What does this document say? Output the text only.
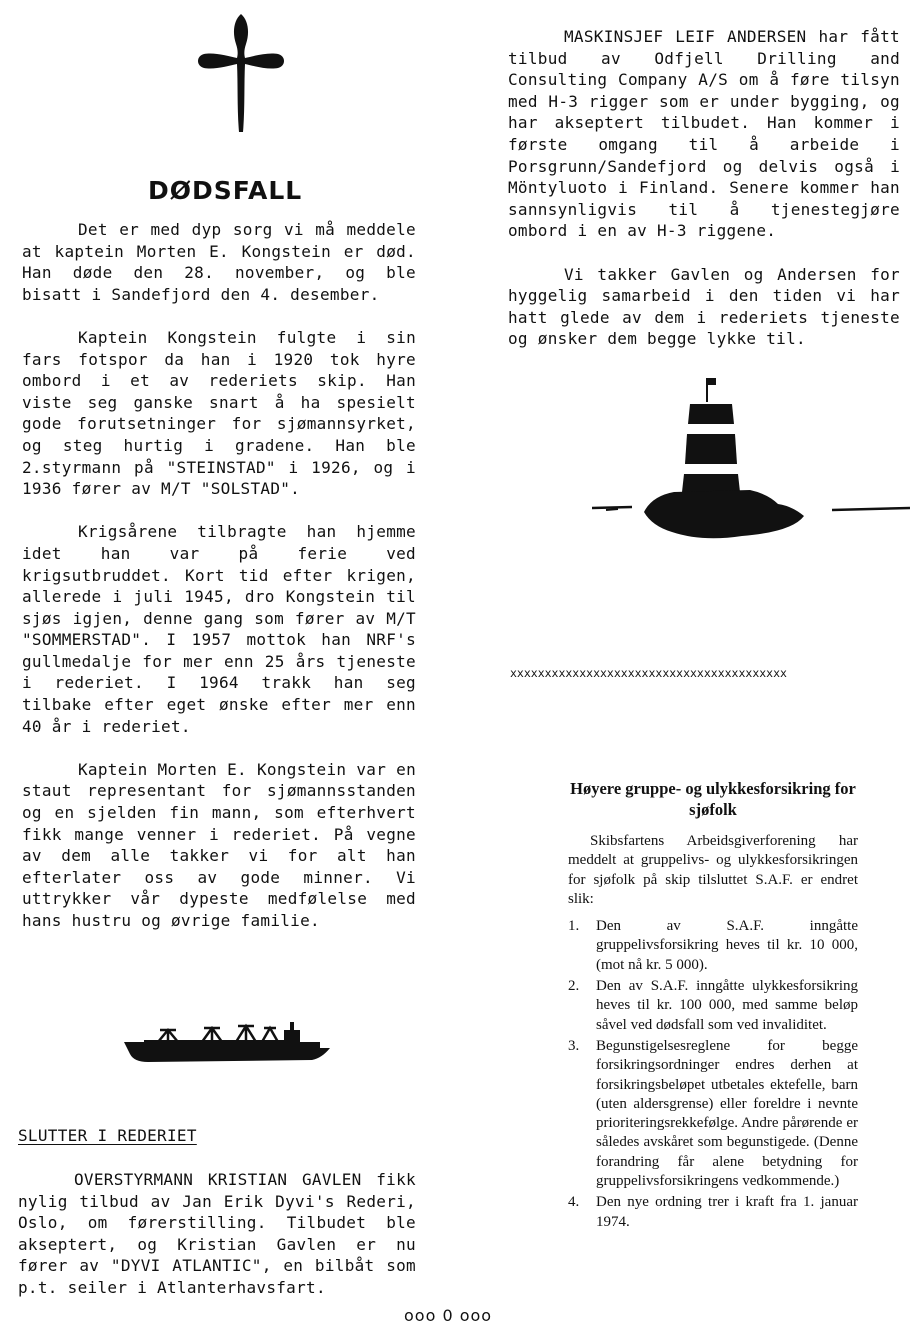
DØDSFALL

Det er med dyp sorg vi må meddele at kaptein Morten E. Kongstein er død. Han døde den 28. november, og ble bisatt i Sandefjord den 4. desember.

Kaptein Kongstein fulgte i sin fars fotspor da han i 1920 tok hyre ombord i et av rederiets skip. Han viste seg ganske snart å ha spesielt gode forutsetninger for sjømannsyrket, og steg hurtig i gradene. Han ble 2.styrmann på "STEINSTAD" i 1926, og i 1936 fører av M/T "SOLSTAD".

Krigsårene tilbragte han hjemme idet han var på ferie ved krigsutbruddet. Kort tid efter krigen, allerede i juli 1945, dro Kongstein til sjøs igjen, denne gang som fører av M/T "SOMMERSTAD". I 1957 mottok han NRF's gullmedalje for mer enn 25 års tjeneste i rederiet. I 1964 trakk han seg tilbake efter eget ønske efter mer enn 40 år i rederiet.

Kaptein Morten E. Kongstein var en staut representant for sjømannsstanden og en sjelden fin mann, som efterhvert fikk mange venner i rederiet. På vegne av dem alle takker vi for alt han efterlater oss av gode minner. Vi uttrykker vår dypeste medfølelse med hans hustru og øvrige familie.

SLUTTER I REDERIET

OVERSTYRMANN KRISTIAN GAVLEN fikk nylig tilbud av Jan Erik Dyvi's Rederi, Oslo, om førerstilling. Tilbudet ble akseptert, og Kristian Gavlen er nu fører av "DYVI ATLANTIC", en bilbåt som p.t. seiler i Atlanterhavsfart.

MASKINSJEF LEIF ANDERSEN har fått tilbud av Odfjell Drilling and Consulting Company A/S om å føre tilsyn med H-3 rigger som er under bygging, og har akseptert tilbudet. Han kommer i første omgang til å arbeide i Porsgrunn/Sandefjord og delvis også i Möntyluoto i Finland. Senere kommer han sannsynligvis til å tjenestegjøre ombord i en av H-3 riggene.

Vi takker Gavlen og Andersen for hyggelig samarbeid i den tiden vi har hatt glede av dem i rederiets tjeneste og ønsker dem begge lykke til.

xxxxxxxxxxxxxxxxxxxxxxxxxxxxxxxxxxxxxxxx
Høyere gruppe- og ulykkesforsikring for sjøfolk

Skibsfartens Arbeidsgiverforening har meddelt at gruppelivs- og ulykkesforsikringen for sjøfolk på skip tilsluttet S.A.F. er endret slik:

1. Den av S.A.F. inngåtte gruppelivsforsikring heves til kr. 10 000, (mot nå kr. 5 000).
2. Den av S.A.F. inngåtte ulykkesforsikring heves til kr. 100 000, med samme beløp såvel ved dødsfall som ved invaliditet.
3. Begunstigelsesreglene for begge forsikringsordninger endres derhen at forsikringsbeløpet utbetales ektefelle, barn (uten aldersgrense) eller foreldre i nevnte prioriteringsrekkefølge. Andre pårørende er således avskåret som begunstigede. (Denne forandring får alene betydning for gruppelivsforsikringens vedkommende.)
4. Den nye ordning trer i kraft fra 1. januar 1974.
ooo 0 ooo
